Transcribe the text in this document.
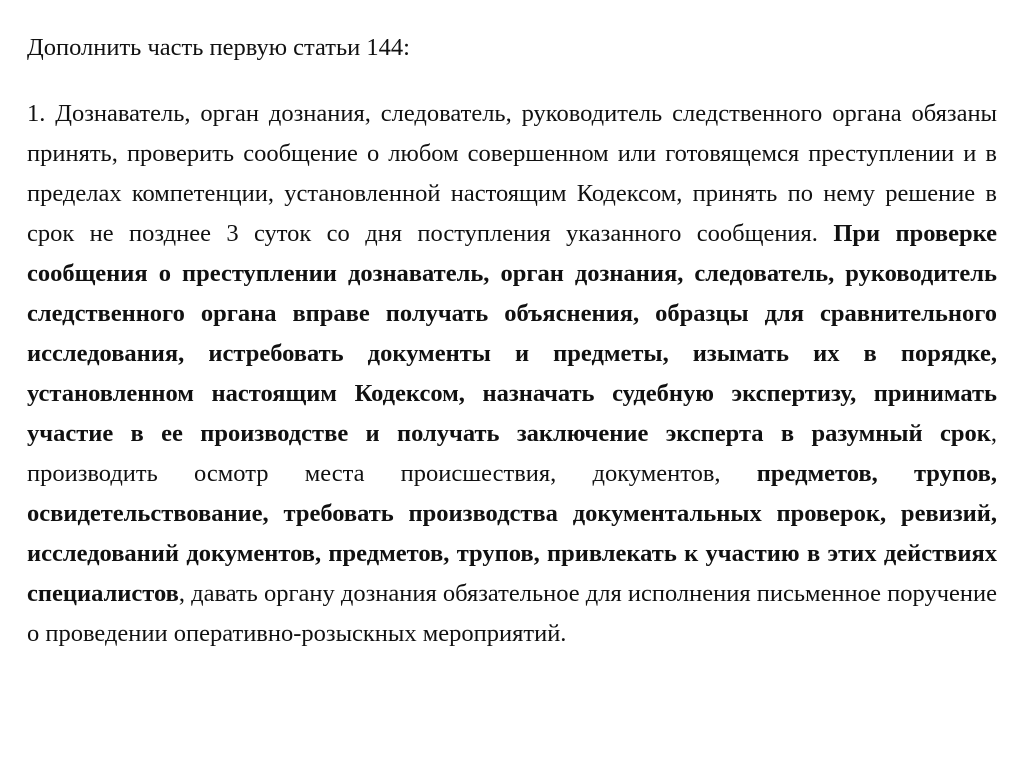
Дополнить часть первую статьи 144:

1. Дознаватель, орган дознания, следователь, руководитель следственного органа обязаны принять, проверить сообщение о любом совершенном или готовящемся преступлении и в пределах компетенции, установленной настоящим Кодексом, принять по нему решение в срок не позднее 3 суток со дня поступления указанного сообщения. При проверке сообщения о преступлении дознаватель, орган дознания, следователь, руководитель следственного органа вправе получать объяснения, образцы для сравнительного исследования, истребовать документы и предметы, изымать их в порядке, установленном настоящим Кодексом, назначать судебную экспертизу, принимать участие в ее производстве и получать заключение эксперта в разумный срок, производить осмотр места происшествия, документов, предметов, трупов, освидетельствование, требовать производства документальных проверок, ревизий, исследований документов, предметов, трупов, привлекать к участию в этих действиях специалистов, давать органу дознания обязательное для исполнения письменное поручение о проведении оперативно-розыскных мероприятий.
